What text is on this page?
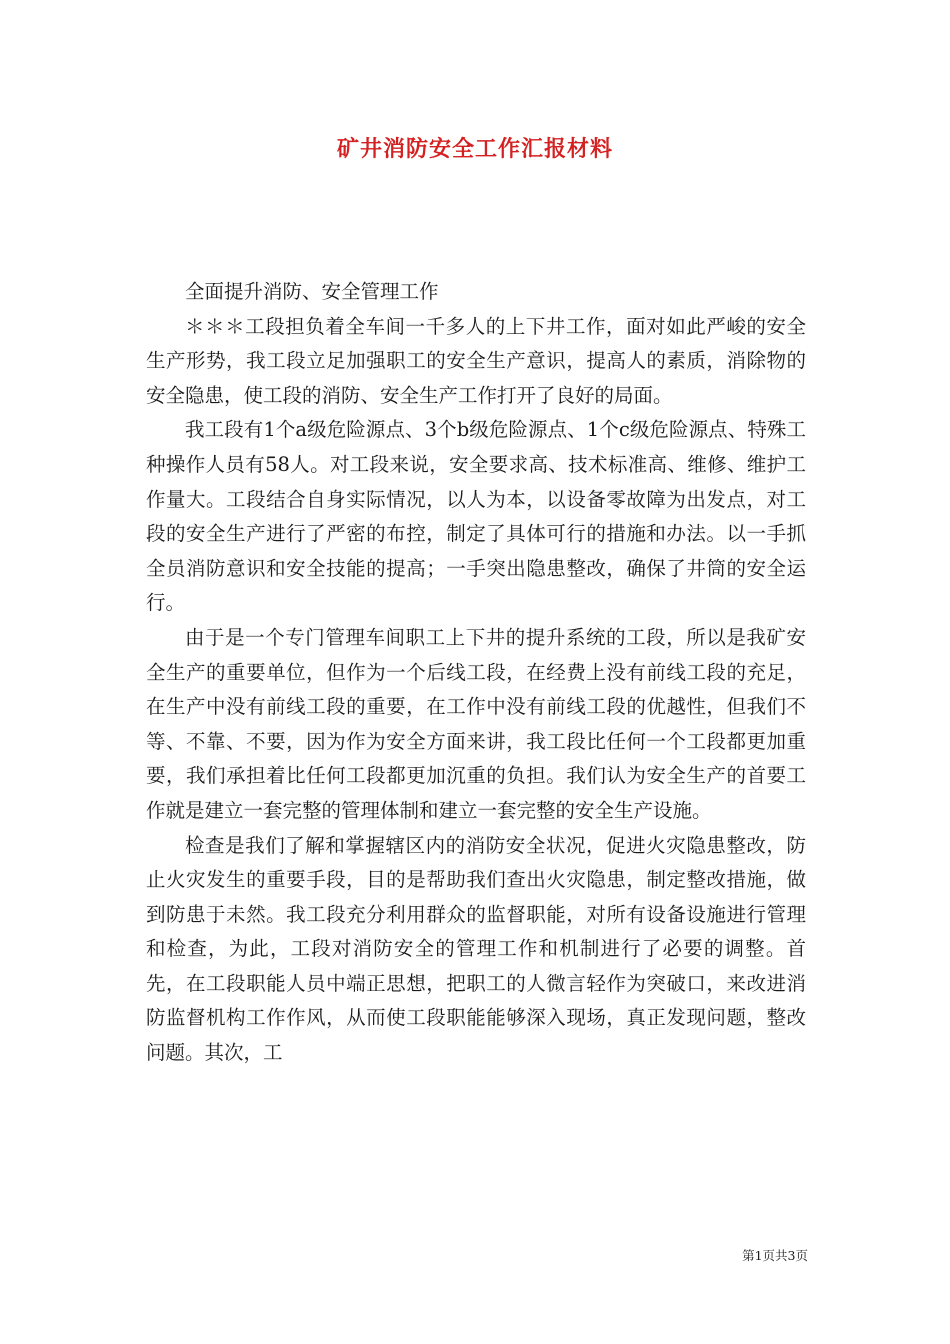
矿井消防安全工作汇报材料

全面提升消防、安全管理工作

＊＊＊工段担负着全车间一千多人的上下井工作，面对如此严峻的安全生产形势，我工段立足加强职工的安全生产意识，提高人的素质，消除物的安全隐患，使工段的消防、安全生产工作打开了良好的局面。

我工段有1个a级危险源点、3个b级危险源点、1个c级危险源点、特殊工种操作人员有58人。对工段来说，安全要求高、技术标准高、维修、维护工作量大。工段结合自身实际情况，以人为本，以设备零故障为出发点，对工段的安全生产进行了严密的布控，制定了具体可行的措施和办法。以一手抓全员消防意识和安全技能的提高；一手突出隐患整改，确保了井筒的安全运行。

由于是一个专门管理车间职工上下井的提升系统的工段，所以是我矿安全生产的重要单位，但作为一个后线工段，在经费上没有前线工段的充足，在生产中没有前线工段的重要，在工作中没有前线工段的优越性，但我们不等、不靠、不要，因为作为安全方面来讲，我工段比任何一个工段都更加重要，我们承担着比任何工段都更加沉重的负担。我们认为安全生产的首要工作就是建立一套完整的管理体制和建立一套完整的安全生产设施。

检查是我们了解和掌握辖区内的消防安全状况，促进火灾隐患整改，防止火灾发生的重要手段，目的是帮助我们查出火灾隐患，制定整改措施，做到防患于未然。我工段充分利用群众的监督职能，对所有设备设施进行管理和检查，为此，工段对消防安全的管理工作和机制进行了必要的调整。首先，在工段职能人员中端正思想，把职工的人微言轻作为突破口，来改进消防监督机构工作作风，从而使工段职能能够深入现场，真正发现问题，整改问题。其次，工

第1页共3页
